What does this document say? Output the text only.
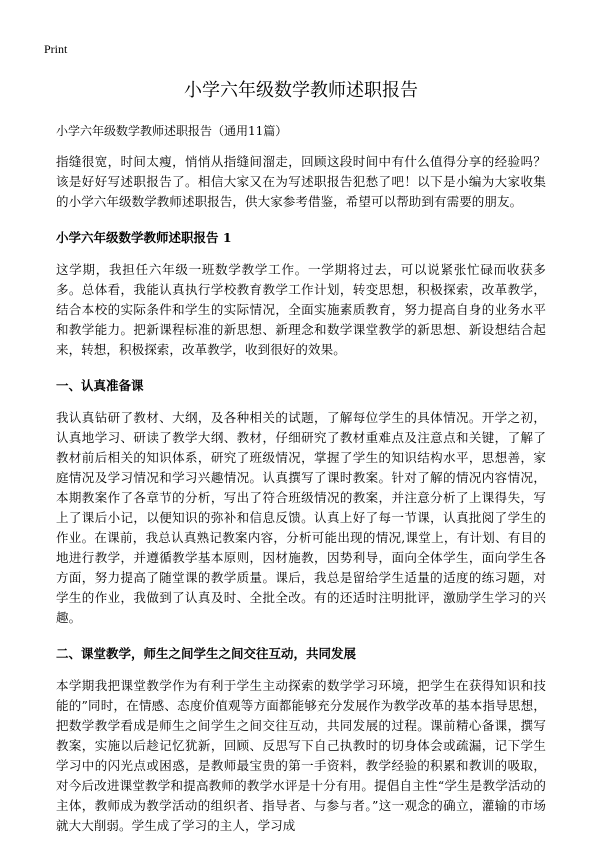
Print
小学六年级数学教师述职报告
小学六年级数学教师述职报告（通用11篇）

指缝很宽，时间太瘦，悄悄从指缝间溜走，回顾这段时间中有什么值得分享的经验吗？该是好好写述职报告了。相信大家又在为写述职报告犯愁了吧！以下是小编为大家收集的小学六年级数学教师述职报告，供大家参考借鉴，希望可以帮助到有需要的朋友。

小学六年级数学教师述职报告 1

这学期，我担任六年级一班数学教学工作。一学期将过去，可以说紧张忙碌而收获多多。总体看，我能认真执行学校教育教学工作计划，转变思想，积极探索，改革教学，结合本校的实际条件和学生的实际情况，全面实施素质教育，努力提高自身的业务水平和教学能力。把新课程标准的新思想、新理念和数学课堂教学的新思想、新设想结合起来，转想，积极探索，改革教学，收到很好的效果。

一、认真准备课

我认真钻研了教材、大纲，及各种相关的试题，了解每位学生的具体情况。开学之初，认真地学习、研读了教学大纲、教材，仔细研究了教材重难点及注意点和关键，了解了教材前后相关的知识体系，研究了班级情况，掌握了学生的知识结构水平，思想善，家庭情况及学习情况和学习兴趣情况。认真撰写了课时教案。针对了解的情况内容情况，本期教案作了各章节的分析，写出了符合班级情况的教案，并注意分析了上课得失，写上了课后小记，以便知识的弥补和信息反馈。认真上好了每一节课，认真批阅了学生的作业。在课前，我总认真熟记教案内容，分析可能出现的情况,课堂上，有计划、有目的地进行教学，并遵循教学基本原则，因材施教，因势利导，面向全体学生，面向学生各方面，努力提高了随堂课的教学质量。课后，我总是留给学生适量的适度的练习题，对学生的作业，我做到了认真及时、全批全改。有的还适时注明批评，激励学生学习的兴趣。

二、课堂教学，师生之间学生之间交往互动，共同发展

本学期我把课堂教学作为有利于学生主动探索的数学学习环境，把学生在获得知识和技能的”同时，在情感、态度价值观等方面都能够充分发展作为教学改革的基本指导思想，把数学教学看成是师生之间学生之间交往互动，共同发展的过程。课前精心备课，撰写教案，实施以后趁记忆犹新，回顾、反思写下自己执教时的切身体会或疏漏，记下学生学习中的闪光点或困惑，是教师最宝贵的第一手资料，教学经验的积累和教训的吸取，对今后改进课堂教学和提高教师的教学水评是十分有用。提倡自主性“学生是教学活动的主体，教师成为教学活动的组织者、指导者、与参与者。”这一观念的确立，灌输的市场就大大削弱。学生成了学习的主人，学习成
